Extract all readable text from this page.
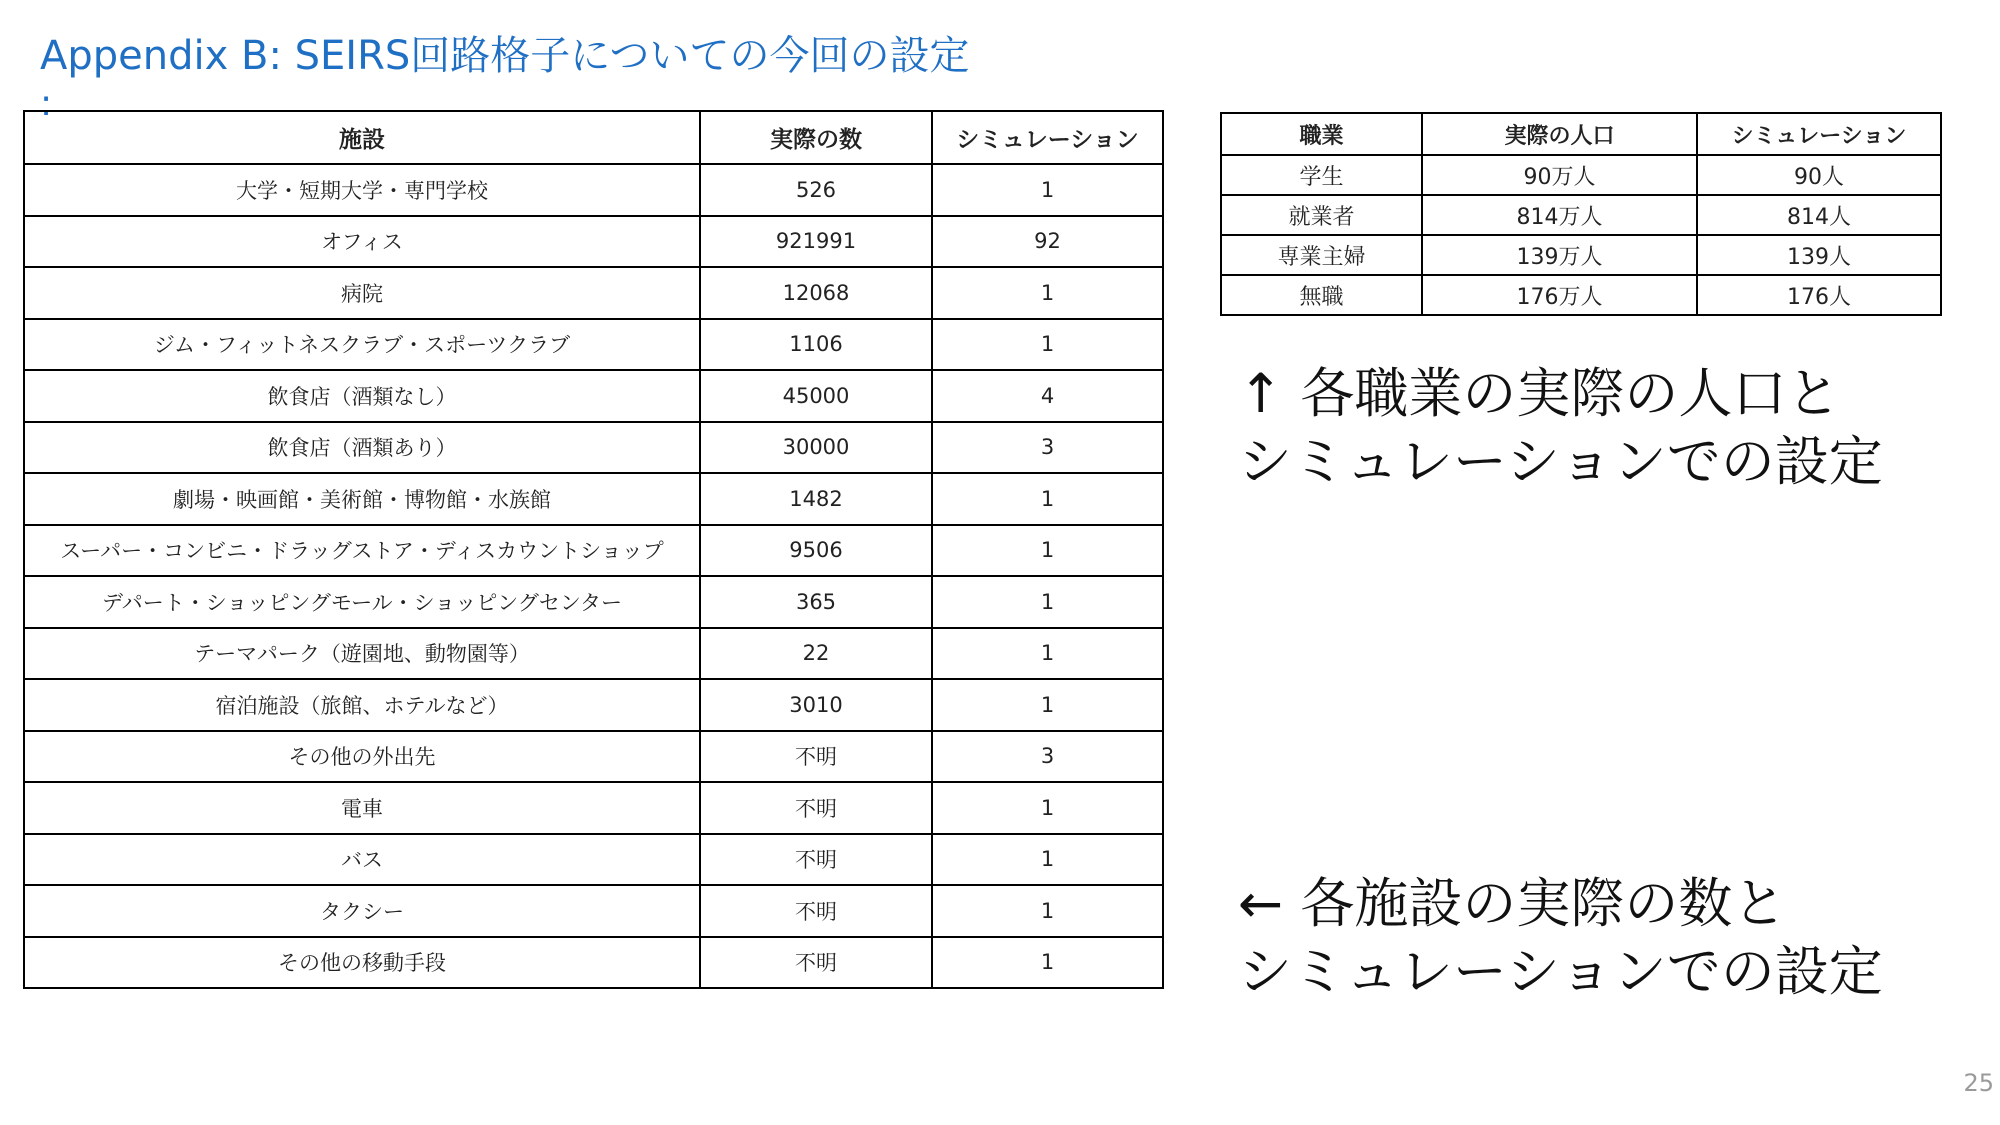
Appendix B: SEIRS回路格子についての今回の設定
:
施設	実際の数	シミュレーション
大学・短期大学・専門学校	526	1
オフィス	921991	92
病院	12068	1
ジム・フィットネスクラブ・スポーツクラブ	1106	1
飲食店（酒類なし）	45000	4
飲食店（酒類あり）	30000	3
劇場・映画館・美術館・博物館・水族館	1482	1
スーパー・コンビニ・ドラッグストア・ディスカウントショップ	9506	1
デパート・ショッピングモール・ショッピングセンター	365	1
テーマパーク（遊園地、動物園等）	22	1
宿泊施設（旅館、ホテルなど）	3010	1
その他の外出先	不明	3
電車	不明	1
バス	不明	1
タクシー	不明	1
その他の移動手段	不明	1
職業	実際の人口	シミュレーション
学生	90万人	90人
就業者	814万人	814人
専業主婦	139万人	139人
無職	176万人	176人
↑ 各職業の実際の人口と
シミュレーションでの設定
← 各施設の実際の数と
シミュレーションでの設定
25
